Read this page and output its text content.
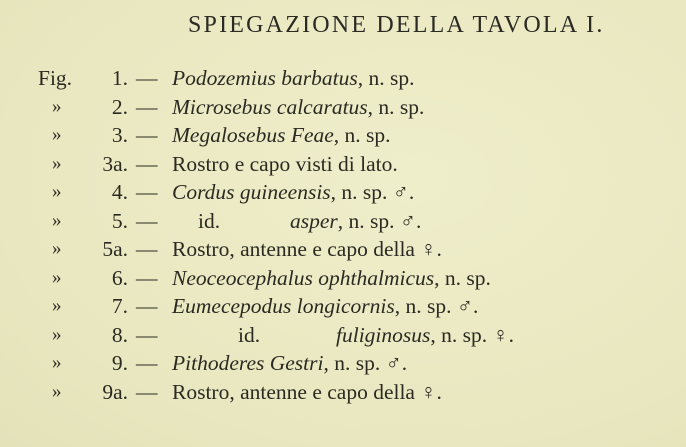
SPIEGAZIONE DELLA TAVOLA I.
Fig.	1. — Podozemius barbatus, n. sp.
»	2. — Microsebus calcaratus, n. sp.
»	3. — Megalosebus Feae, n. sp.
»	3a. — Rostro e capo visti di lato.
»	4. — Cordus guineensis, n. sp. ♂.
»	5. — id.	asper, n. sp. ♂.
»	5a. — Rostro, antenne e capo della ♀.
»	6. — Neoceocephalus ophthalmicus, n. sp.
»	7. — Eumecepodus longicornis, n. sp. ♂.
»	8. —	id.	fuliginosus, n. sp. ♀.
»	9. — Pithoderes Gestri, n. sp. ♂.
»	9a. — Rostro, antenne e capo della ♀.
